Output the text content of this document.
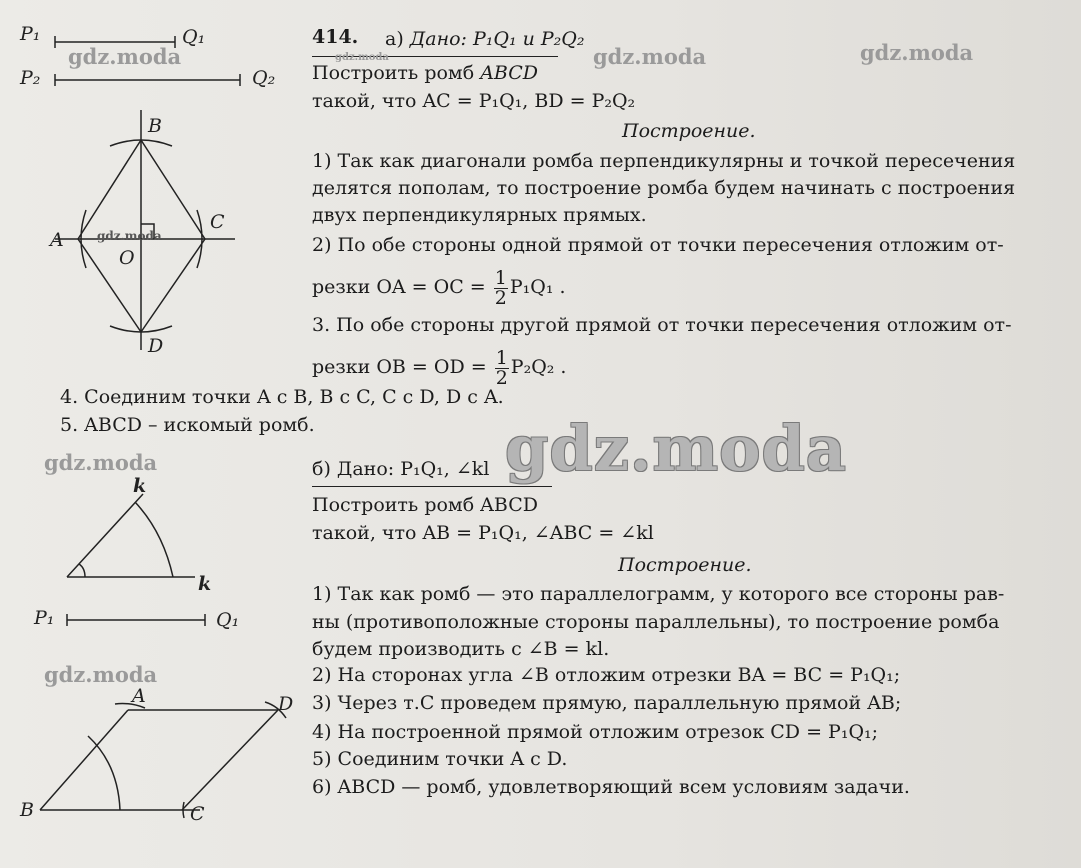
P₁	Q₁
P₂	Q₂
B
A
C
O
D
k
k
P₁	Q₁
A	D
B	C
414. а) Дано: P₁Q₁ и P₂Q₂
Построить ромб ABCD
такой, что AC = P₁Q₁, BD = P₂Q₂
Построение.
1) Так как диагонали ромба перпендикулярны и точкой пересечения
делятся пополам, то построение ромба будем начинать с построения
двух перпендикулярных прямых.
2) По обе стороны одной прямой от точки пересечения отложим от-
резки OA = OC = $\frac{1}{2} P_1Q_1$ .
3. По обе стороны другой прямой от точки пересечения отложим от-
резки OB = OD = $\frac{1}{2} P_2Q_2$ .
4. Соединим точки A с B, B с C, C с D, D с A.
5. ABCD – искомый ромб.
б) Дано: P₁Q₁, ∠kl
Построить ромб ABCD
такой, что AB = P₁Q₁, ∠ABC = ∠kl
Построение.
1) Так как ромб — это параллелограмм, у которого все стороны рав-
ны (противоположные стороны параллельны), то построение ромба
будем производить с ∠B = kl.
2) На сторонах угла ∠B отложим отрезки BA = BC = P₁Q₁;
3) Через т.C проведем прямую, параллельную прямой AB;
4) На построенной прямой отложим отрезок CD = P₁Q₁;
5) Соединим точки A с D.
6) ABCD — ромб, удовлетворяющий всем условиям задачи.
gdz.moda	gdz.moda	gdz.moda
gdz.moda
gdz.moda
gdz.moda
gdz.moda
gdz.moda
